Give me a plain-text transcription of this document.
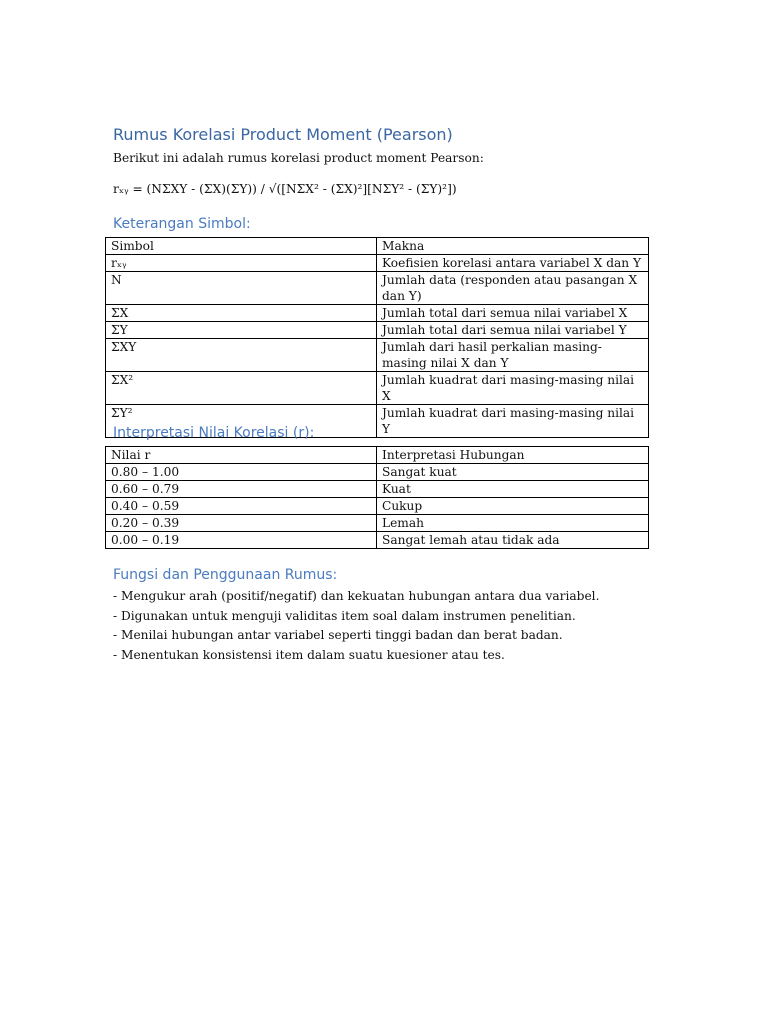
Rumus Korelasi Product Moment (Pearson)
Berikut ini adalah rumus korelasi product moment Pearson:
rₓᵧ = (NΣXY - (ΣX)(ΣY)) / √([NΣX² - (ΣX)²][NΣY² - (ΣY)²])
Keterangan Simbol:
Simbol	Makna
rₓᵧ	Koefisien korelasi antara variabel X dan Y
N	Jumlah data (responden atau pasangan X dan Y)
ΣX	Jumlah total dari semua nilai variabel X
ΣY	Jumlah total dari semua nilai variabel Y
ΣXY	Jumlah dari hasil perkalian masing-masing nilai X dan Y
ΣX²	Jumlah kuadrat dari masing-masing nilai X
ΣY²	Jumlah kuadrat dari masing-masing nilai Y
Interpretasi Nilai Korelasi (r):
Nilai r	Interpretasi Hubungan
0.80 – 1.00	Sangat kuat
0.60 – 0.79	Kuat
0.40 – 0.59	Cukup
0.20 – 0.39	Lemah
0.00 – 0.19	Sangat lemah atau tidak ada
Fungsi dan Penggunaan Rumus:
- Mengukur arah (positif/negatif) dan kekuatan hubungan antara dua variabel.
- Digunakan untuk menguji validitas item soal dalam instrumen penelitian.
- Menilai hubungan antar variabel seperti tinggi badan dan berat badan.
- Menentukan konsistensi item dalam suatu kuesioner atau tes.
